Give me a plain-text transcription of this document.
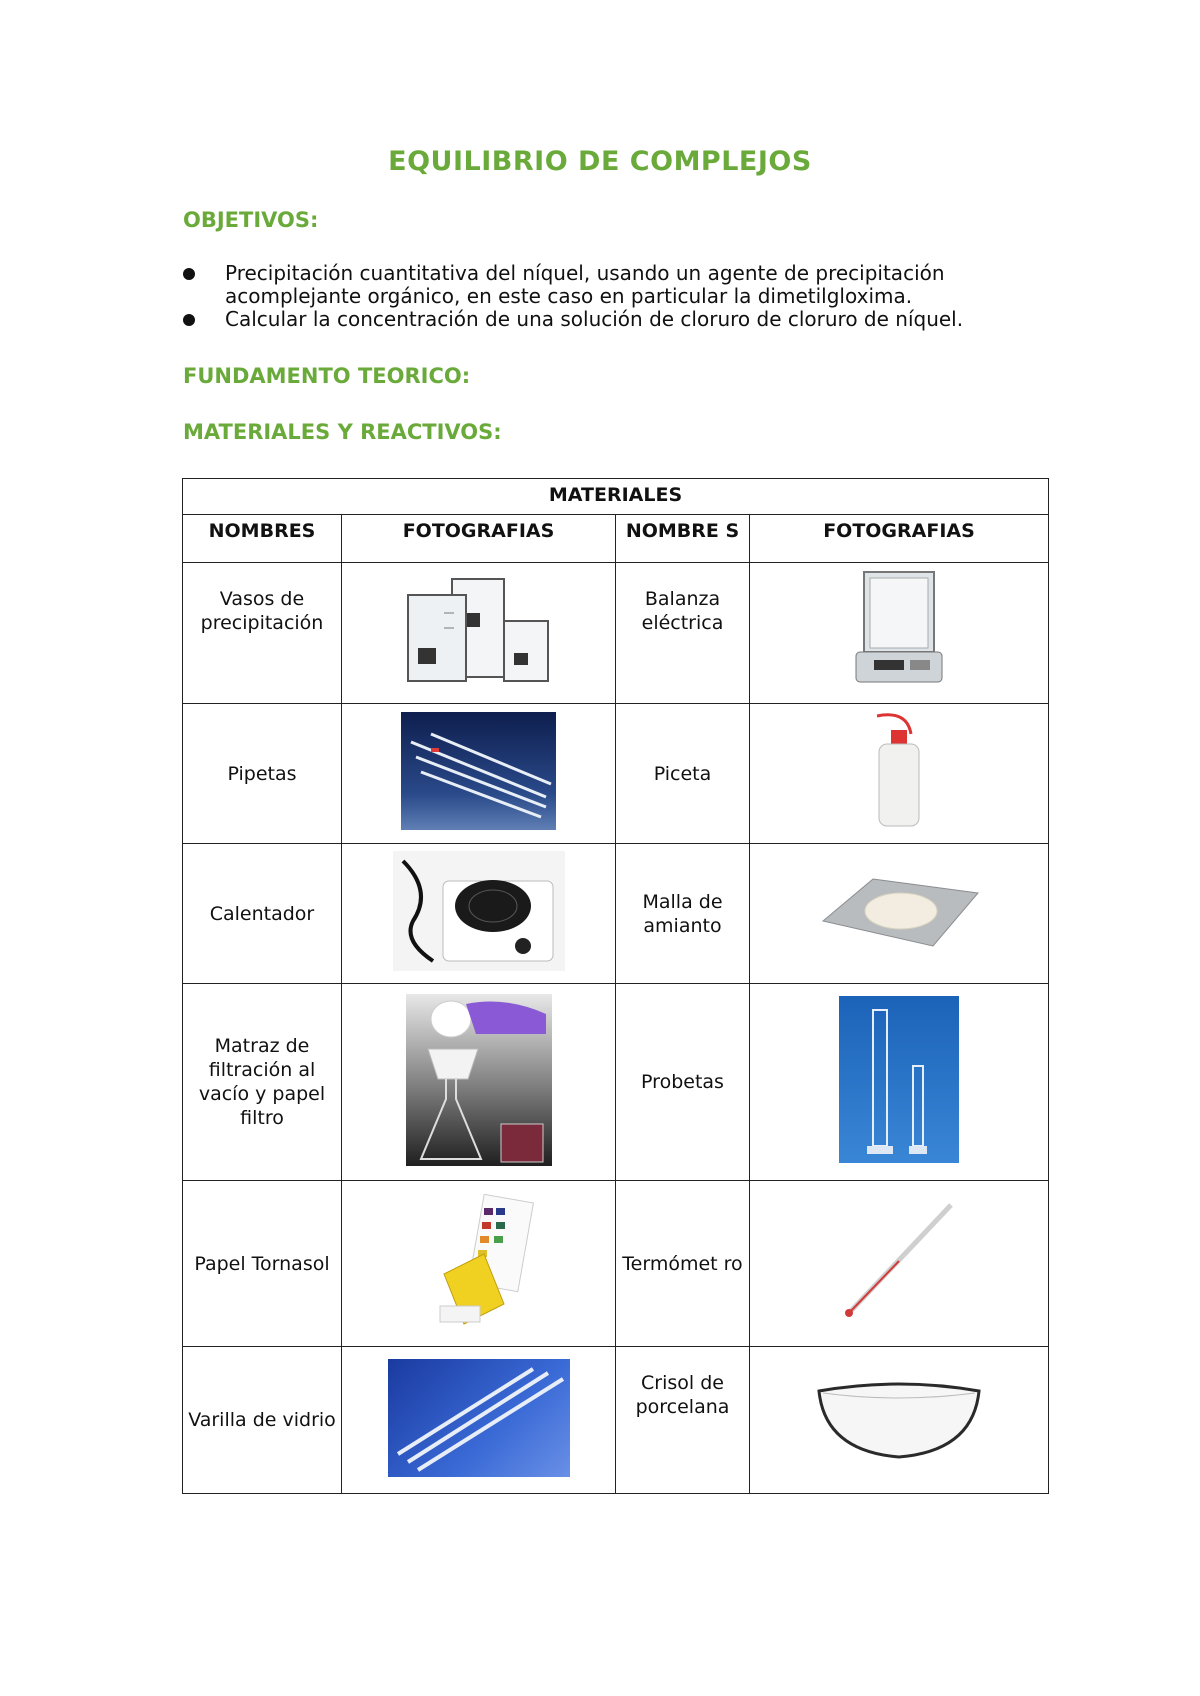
EQUILIBRIO DE COMPLEJOS
OBJETIVOS:
Precipitación cuantitativa del níquel, usando un agente de precipitación acomplejante orgánico, en este caso en particular la dimetilgloxima.
Calcular la concentración de una solución de cloruro de cloruro de níquel.
FUNDAMENTO TEORICO:
MATERIALES Y REACTIVOS:
MATERIALES			
NOMBRES	FOTOGRAFIAS	NOMBRE S	FOTOGRAFIAS
Vasos de precipitación		Balanza eléctrica	
Pipetas		Piceta	
Calentador		Malla de amianto	
Matraz de filtración al vacío y papel filtro		Probetas	
Papel Tornasol		Termómet ro	
Varilla de vidrio		Crisol de porcelana	
